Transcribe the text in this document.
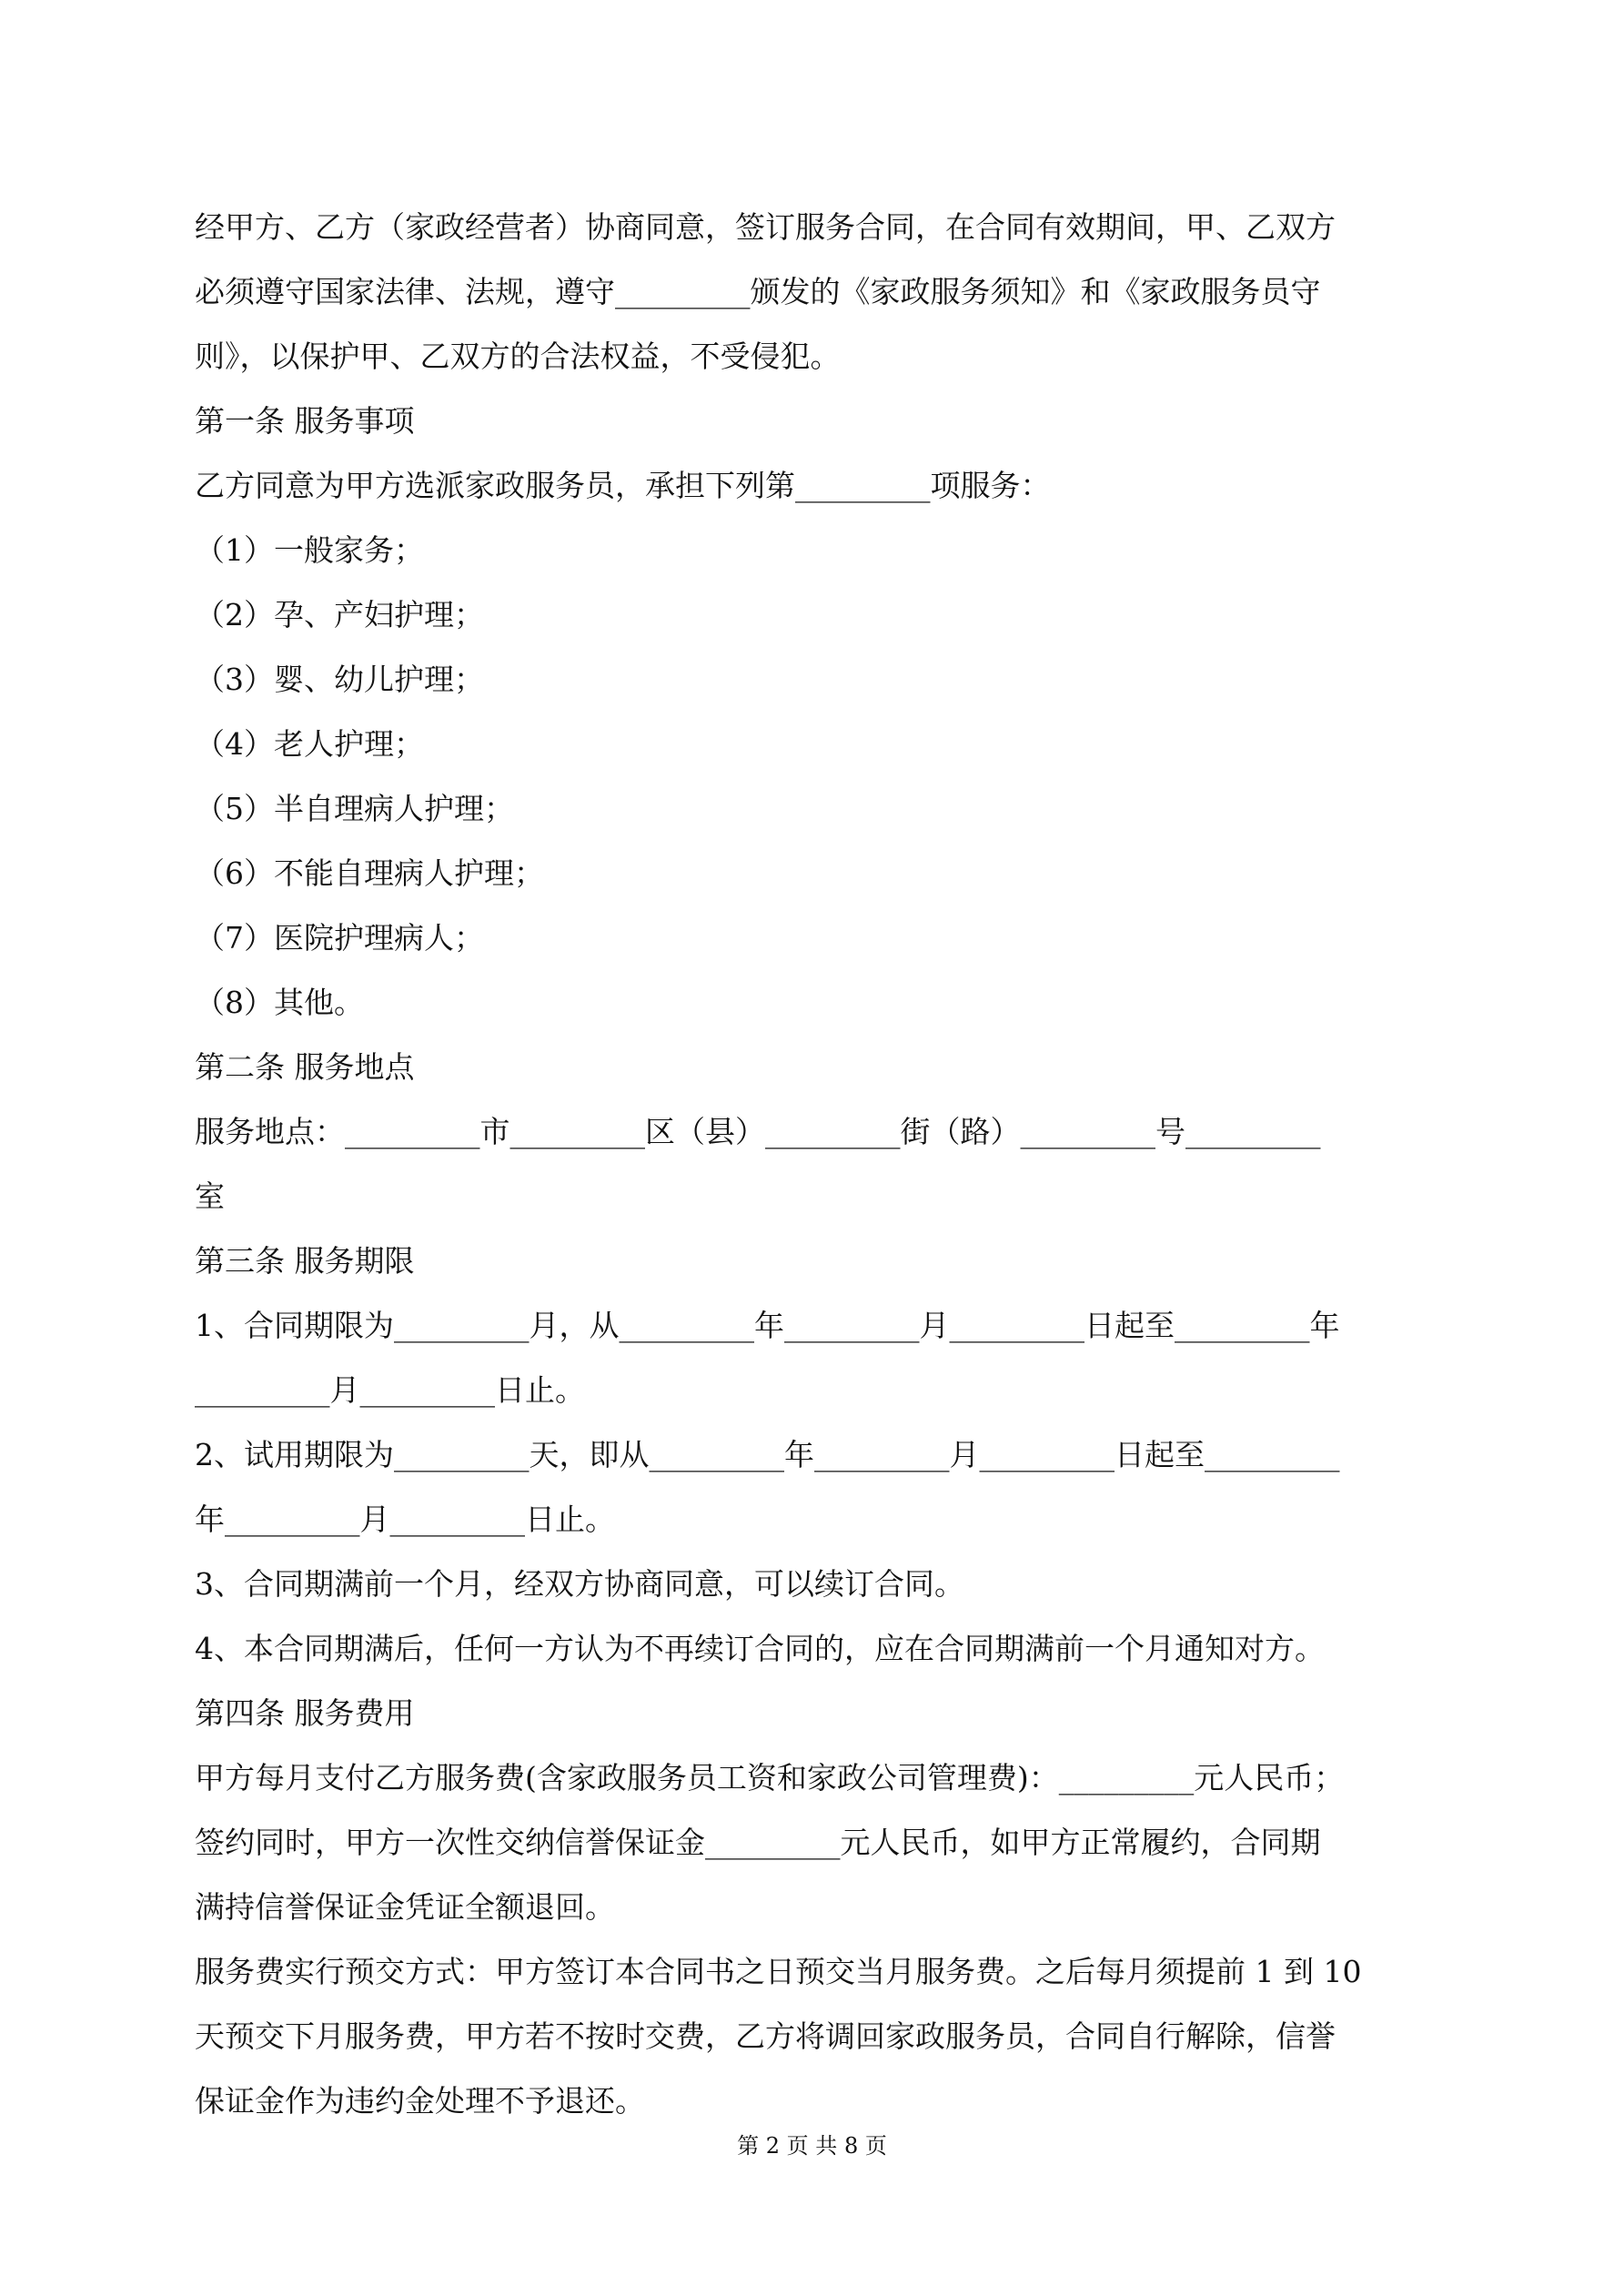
经甲方、乙方（家政经营者）协商同意，签订服务合同，在合同有效期间，甲、乙双方

必须遵守国家法律、法规，遵守_________颁发的《家政服务须知》和《家政服务员守

则》，以保护甲、乙双方的合法权益，不受侵犯。

第一条 服务事项

乙方同意为甲方选派家政服务员，承担下列第_________项服务：

（1）一般家务；

（2）孕、产妇护理；

（3）婴、幼儿护理；

（4）老人护理；

（5）半自理病人护理；

（6）不能自理病人护理；

（7）医院护理病人；

（8）其他。

第二条 服务地点

服务地点：_________市_________区（县）_________街（路）_________号_________

室

第三条 服务期限

1、合同期限为_________月，从_________年_________月_________日起至_________年

_________月_________日止。

2、试用期限为_________天，即从_________年_________月_________日起至_________

年_________月_________日止。

3、合同期满前一个月，经双方协商同意，可以续订合同。

4、本合同期满后，任何一方认为不再续订合同的，应在合同期满前一个月通知对方。

第四条 服务费用

甲方每月支付乙方服务费(含家政服务员工资和家政公司管理费)：_________元人民币；

签约同时，甲方一次性交纳信誉保证金_________元人民币，如甲方正常履约，合同期

满持信誉保证金凭证全额退回。

服务费实行预交方式：甲方签订本合同书之日预交当月服务费。之后每月须提前 1 到 10

天预交下月服务费，甲方若不按时交费，乙方将调回家政服务员，合同自行解除，信誉

保证金作为违约金处理不予退还。

第 2 页 共 8 页
